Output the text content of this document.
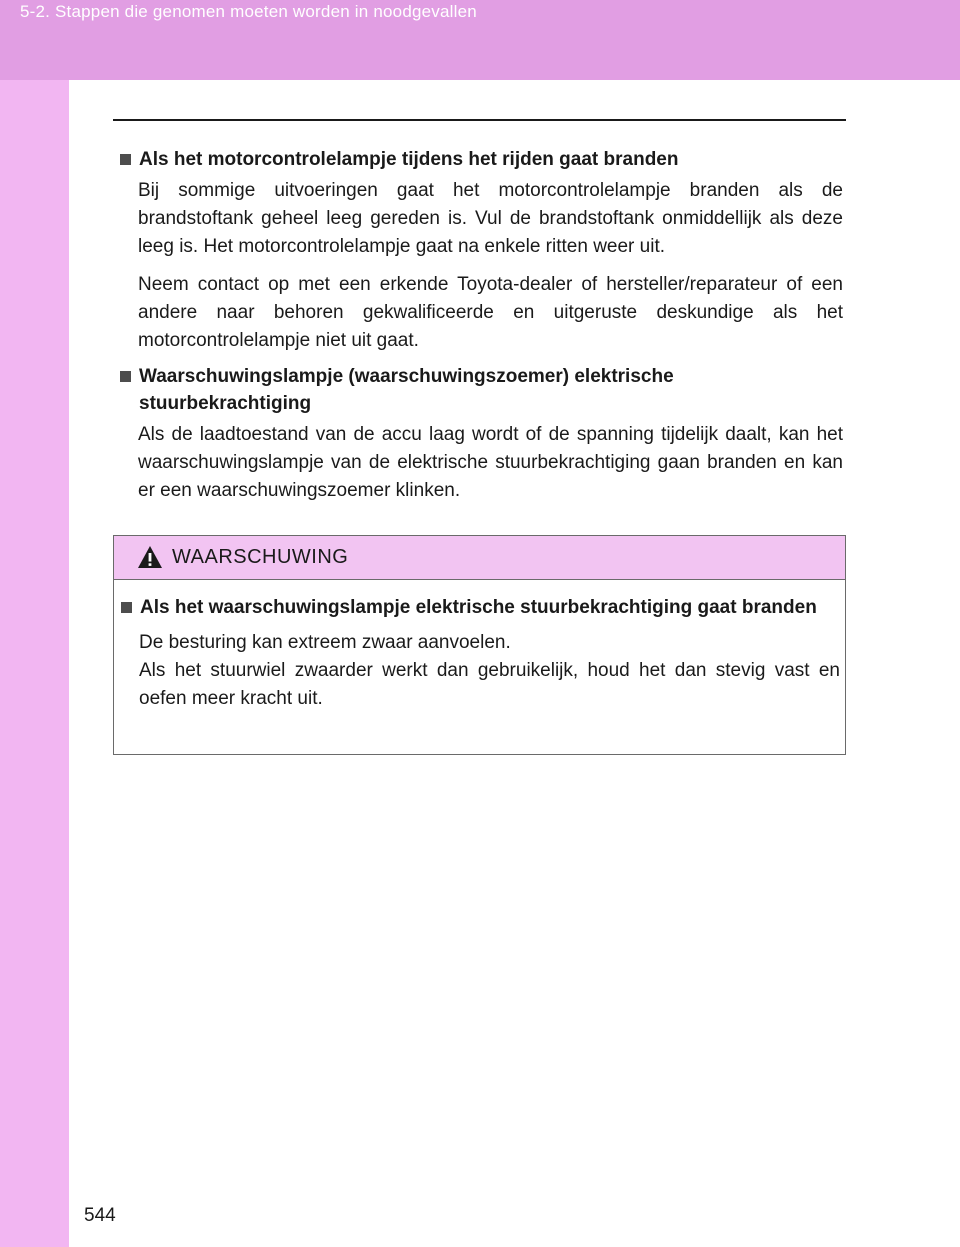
5-2. Stappen die genomen moeten worden in noodgevallen
Als het motorcontrolelampje tijdens het rijden gaat branden

Bij sommige uitvoeringen gaat het motorcontrolelampje branden als de brandstoftank geheel leeg gereden is. Vul de brandstoftank onmiddellijk als deze leeg is. Het motorcontrolelampje gaat na enkele ritten weer uit.

Neem contact op met een erkende Toyota-dealer of hersteller/reparateur of een andere naar behoren gekwalificeerde en uitgeruste deskundige als het motorcontrolelampje niet uit gaat.

Waarschuwingslampje (waarschuwingszoemer) elektrische stuurbekrachtiging

Als de laadtoestand van de accu laag wordt of de spanning tijdelijk daalt, kan het waarschuwingslampje van de elektrische stuurbekrachtiging gaan branden en kan er een waarschuwingszoemer klinken.

WAARSCHUWING
Als het waarschuwingslampje elektrische stuurbekrachtiging gaat branden

De besturing kan extreem zwaar aanvoelen.

Als het stuurwiel zwaarder werkt dan gebruikelijk, houd het dan stevig vast en oefen meer kracht uit.

544
